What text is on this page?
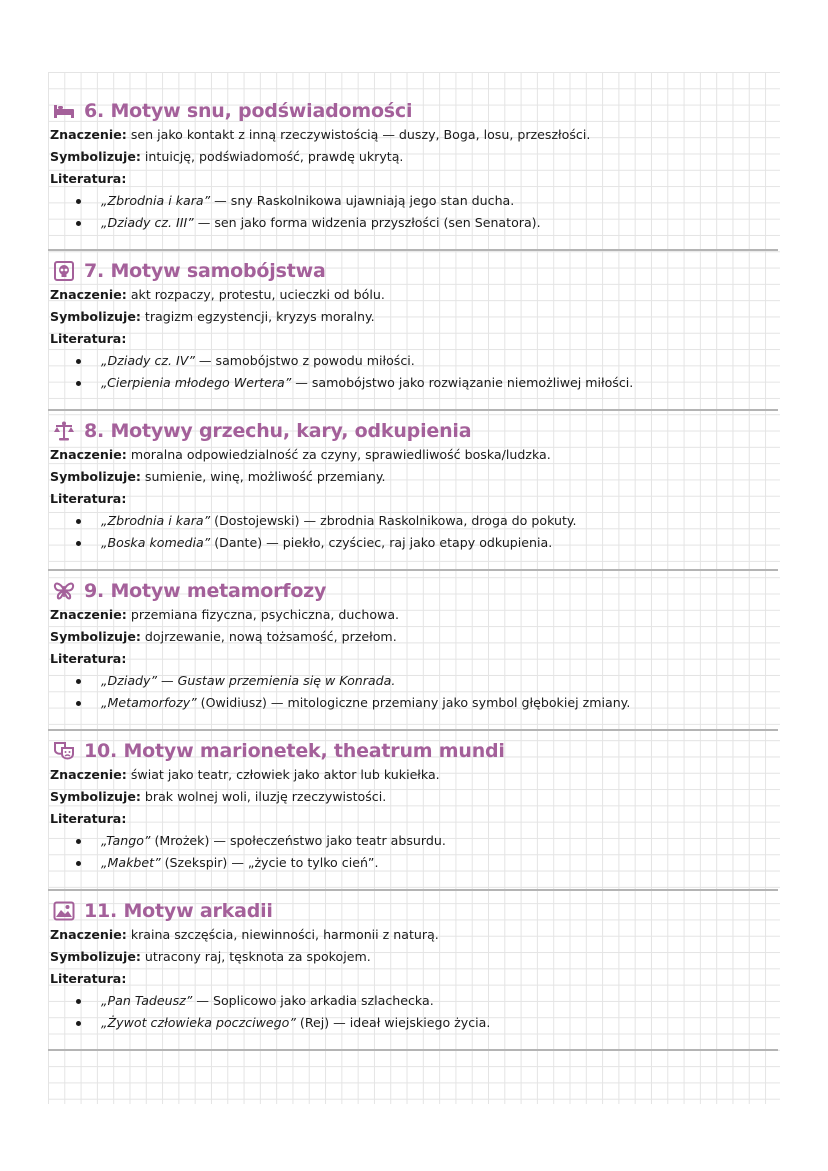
6. Motyw snu, podświadomości
Znaczenie: sen jako kontakt z inną rzeczywistością — duszy, Boga, losu, przeszłości.
Symbolizuje: intuicję, podświadomość, prawdę ukrytą.
Literatura:
„Zbrodnia i kara” — sny Raskolnikowa ujawniają jego stan ducha.
„Dziady cz. III” — sen jako forma widzenia przyszłości (sen Senatora).
7. Motyw samobójstwa
Znaczenie: akt rozpaczy, protestu, ucieczki od bólu.
Symbolizuje: tragizm egzystencji, kryzys moralny.
Literatura:
„Dziady cz. IV” — samobójstwo z powodu miłości.
„Cierpienia młodego Wertera” — samobójstwo jako rozwiązanie niemożliwej miłości.
8. Motywy grzechu, kary, odkupienia
Znaczenie: moralna odpowiedzialność za czyny, sprawiedliwość boska/ludzka.
Symbolizuje: sumienie, winę, możliwość przemiany.
Literatura:
„Zbrodnia i kara” (Dostojewski) — zbrodnia Raskolnikowa, droga do pokuty.
„Boska komedia” (Dante) — piekło, czyściec, raj jako etapy odkupienia.
9. Motyw metamorfozy
Znaczenie: przemiana fizyczna, psychiczna, duchowa.
Symbolizuje: dojrzewanie, nową tożsamość, przełom.
Literatura:
„Dziady” — Gustaw przemienia się w Konrada.
„Metamorfozy” (Owidiusz) — mitologiczne przemiany jako symbol głębokiej zmiany.
10. Motyw marionetek, theatrum mundi
Znaczenie: świat jako teatr, człowiek jako aktor lub kukiełka.
Symbolizuje: brak wolnej woli, iluzję rzeczywistości.
Literatura:
„Tango” (Mrożek) — społeczeństwo jako teatr absurdu.
„Makbet” (Szekspir) — „życie to tylko cień”.
11. Motyw arkadii
Znaczenie: kraina szczęścia, niewinności, harmonii z naturą.
Symbolizuje: utracony raj, tęsknota za spokojem.
Literatura:
„Pan Tadeusz” — Soplicowo jako arkadia szlachecka.
„Żywot człowieka poczciwego” (Rej) — ideał wiejskiego życia.
